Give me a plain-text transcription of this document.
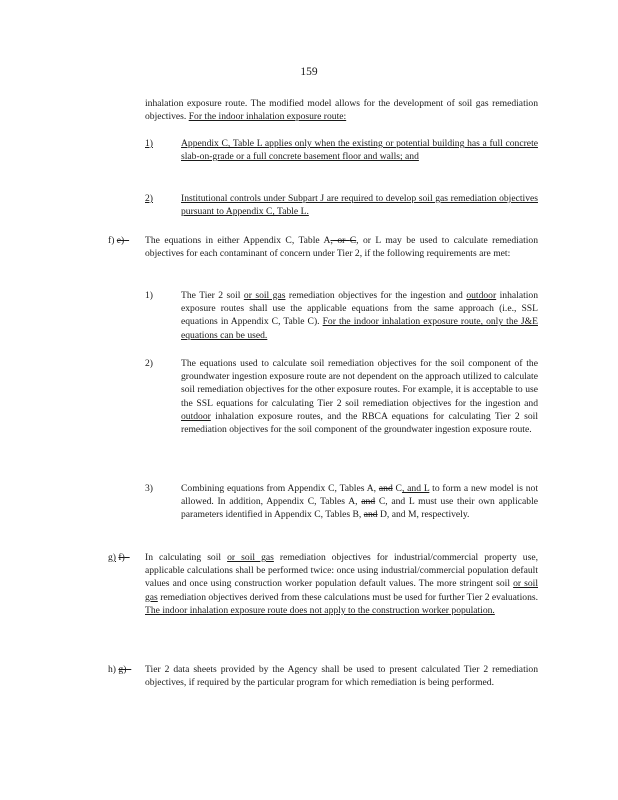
159
inhalation exposure route. The modified model allows for the development of soil gas remediation objectives. For the indoor inhalation exposure route:
1)	Appendix C, Table L applies only when the existing or potential building has a full concrete slab-on-grade or a full concrete basement floor and walls; and
2)	Institutional controls under Subpart J are required to develop soil gas remediation objectives pursuant to Appendix C, Table L.
f) e)– The equations in either Appendix C, Table A, or C, or L may be used to calculate remediation objectives for each contaminant of concern under Tier 2, if the following requirements are met:
1)	The Tier 2 soil or soil gas remediation objectives for the ingestion and outdoor inhalation exposure routes shall use the applicable equations from the same approach (i.e., SSL equations in Appendix C, Table C). For the indoor inhalation exposure route, only the J&E equations can be used.
2)	The equations used to calculate soil remediation objectives for the soil component of the groundwater ingestion exposure route are not dependent on the approach utilized to calculate soil remediation objectives for the other exposure routes. For example, it is acceptable to use the SSL equations for calculating Tier 2 soil remediation objectives for the ingestion and outdoor inhalation exposure routes, and the RBCA equations for calculating Tier 2 soil remediation objectives for the soil component of the groundwater ingestion exposure route.
3)	Combining equations from Appendix C, Tables A, and C, and L to form a new model is not allowed. In addition, Appendix C, Tables A, and C, and L must use their own applicable parameters identified in Appendix C, Tables B, and D, and M, respectively.
g) f)– In calculating soil or soil gas remediation objectives for industrial/commercial property use, applicable calculations shall be performed twice: once using industrial/commercial population default values and once using construction worker population default values. The more stringent soil or soil gas remediation objectives derived from these calculations must be used for further Tier 2 evaluations. The indoor inhalation exposure route does not apply to the construction worker population.
h) g)– Tier 2 data sheets provided by the Agency shall be used to present calculated Tier 2 remediation objectives, if required by the particular program for which remediation is being performed.
